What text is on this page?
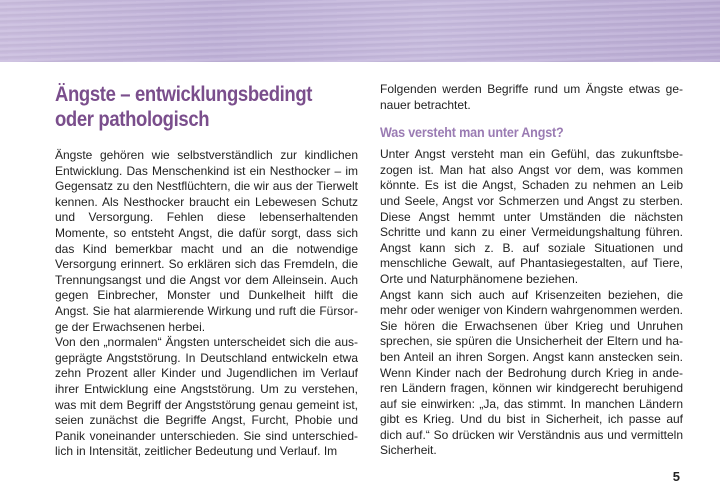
Ängste – entwicklungsbedingt oder pathologisch

Ängste gehören wie selbstverständlich zur kindlichen Entwicklung. Das Menschenkind ist ein Nesthocker – im Gegensatz zu den Nestflüchtern, die wir aus der Tierwelt kennen. Als Nesthocker braucht ein Lebewesen Schutz und Versorgung. Fehlen diese lebenserhaltenden Momente, so entsteht Angst, die dafür sorgt, dass sich das Kind bemerkbar macht und an die notwendige Versorgung erinnert. So erklären sich das Fremdeln, die Trennungsangst und die Angst vor dem Alleinsein. Auch gegen Einbrecher, Monster und Dunkelheit hilft die Angst. Sie hat alarmierende Wirkung und ruft die Fürsorge der Erwachsenen herbei.

Von den „normalen“ Ängsten unterscheidet sich die ausgeprägte Angststörung. In Deutschland entwickeln etwa zehn Prozent aller Kinder und Jugendlichen im Verlauf ihrer Entwicklung eine Angststörung. Um zu verstehen, was mit dem Begriff der Angststörung genau gemeint ist, seien zunächst die Begriffe Angst, Furcht, Phobie und Panik voneinander unterschieden. Sie sind unterschiedlich in Intensität, zeitlicher Bedeutung und Verlauf. Im

Folgenden werden Begriffe rund um Ängste etwas genauer betrachtet.

Was versteht man unter Angst?

Unter Angst versteht man ein Gefühl, das zukunftsbezogen ist. Man hat also Angst vor dem, was kommen könnte. Es ist die Angst, Schaden zu nehmen an Leib und Seele, Angst vor Schmerzen und Angst zu sterben. Diese Angst hemmt unter Umständen die nächsten Schritte und kann zu einer Vermeidungshaltung führen. Angst kann sich z. B. auf soziale Situationen und menschliche Gewalt, auf Phantasiegestalten, auf Tiere, Orte und Naturphänomene beziehen.

Angst kann sich auch auf Krisenzeiten beziehen, die mehr oder weniger von Kindern wahrgenommen werden. Sie hören die Erwachsenen über Krieg und Unruhen sprechen, sie spüren die Unsicherheit der Eltern und haben Anteil an ihren Sorgen. Angst kann anstecken sein. Wenn Kinder nach der Bedrohung durch Krieg in anderen Ländern fragen, können wir kindgerecht beruhigend auf sie einwirken: „Ja, das stimmt. In manchen Ländern gibt es Krieg. Und du bist in Sicherheit, ich passe auf dich auf.“ So drücken wir Verständnis aus und vermitteln Sicherheit.

5
